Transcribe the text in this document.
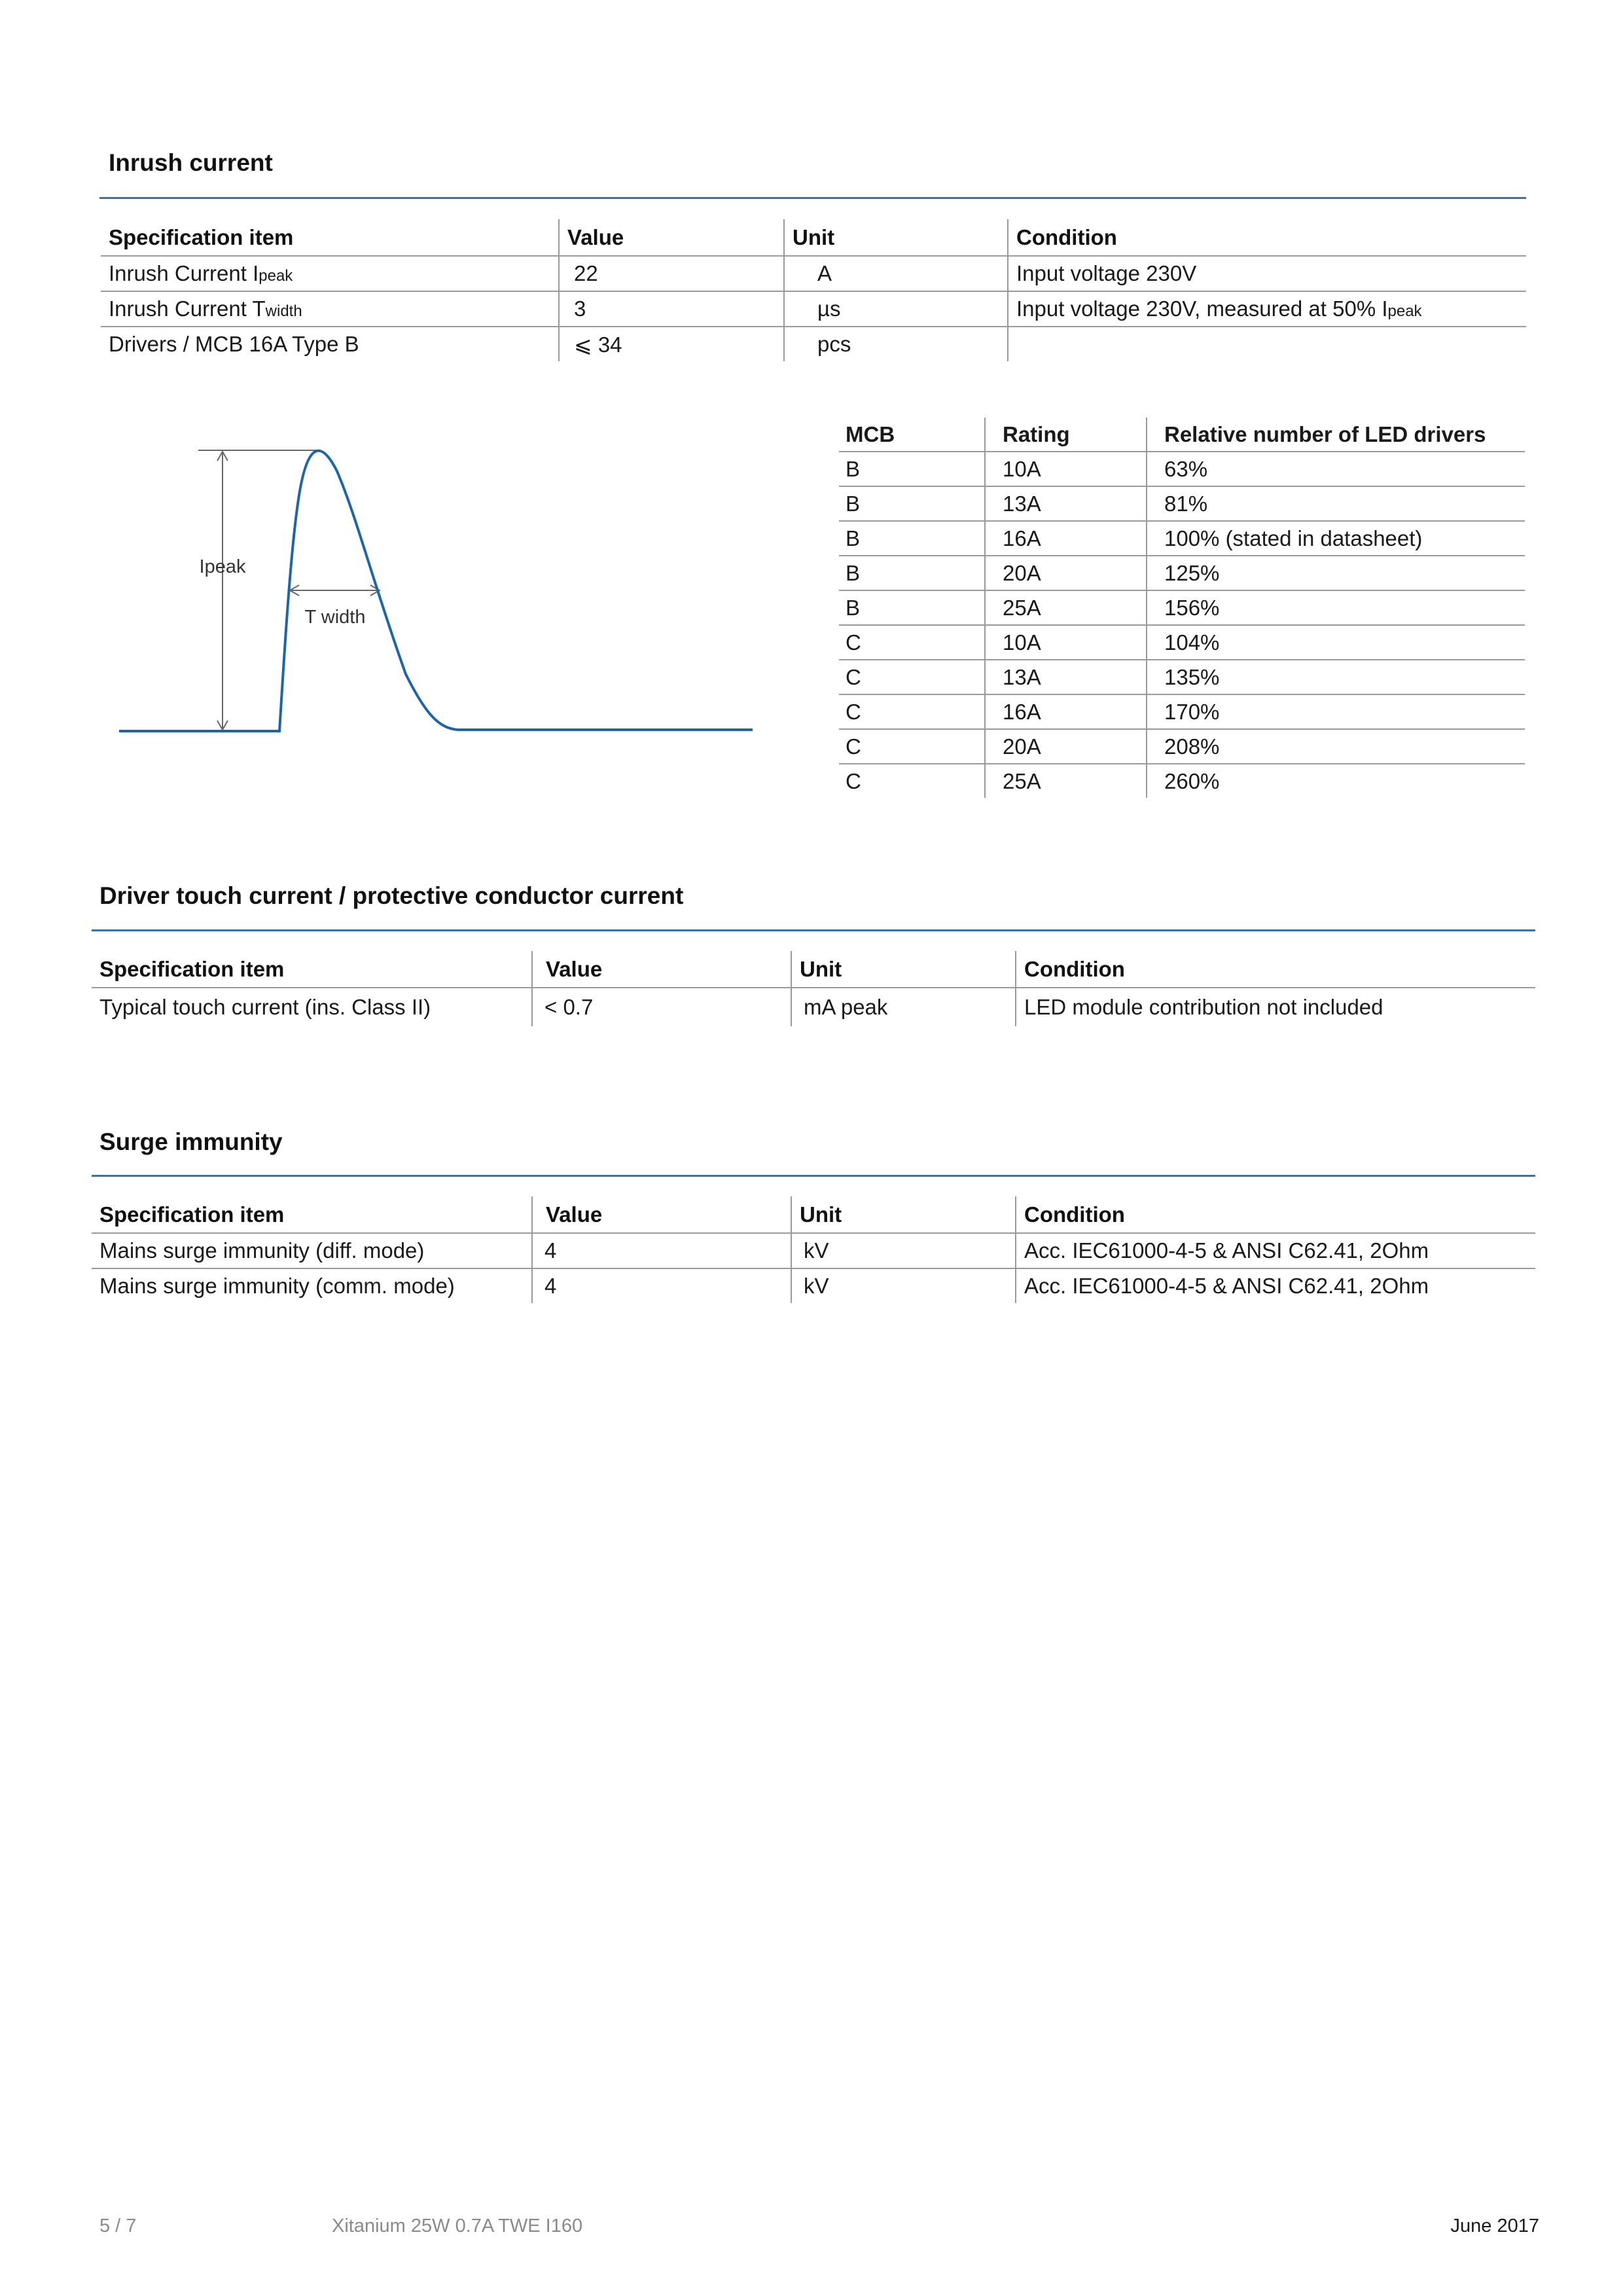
Inrush current
Specification item	Value	Unit	Condition
Inrush Current Ipeak	22	A	Input voltage 230V
Inrush Current Twidth	3	µs	Input voltage 230V, measured at 50% Ipeak
Drivers / MCB 16A Type B	⩽ 34	pcs	
Ipeak
T width
MCB	Rating	Relative number of LED drivers
B	10A	63%
B	13A	81%
B	16A	100% (stated in datasheet)
B	20A	125%
B	25A	156%
C	10A	104%
C	13A	135%
C	16A	170%
C	20A	208%
C	25A	260%
Driver touch current / protective conductor current
Specification item	Value	Unit	Condition
Typical touch current (ins. Class II)	< 0.7	mA peak	LED module contribution not included
Surge immunity
Specification item	Value	Unit	Condition
Mains surge immunity (diff. mode)	4	kV	Acc. IEC61000-4-5 & ANSI C62.41, 2Ohm
Mains surge immunity (comm. mode)	4	kV	Acc. IEC61000-4-5 & ANSI C62.41, 2Ohm
5 / 7	Xitanium 25W 0.7A TWE I160	June 2017
